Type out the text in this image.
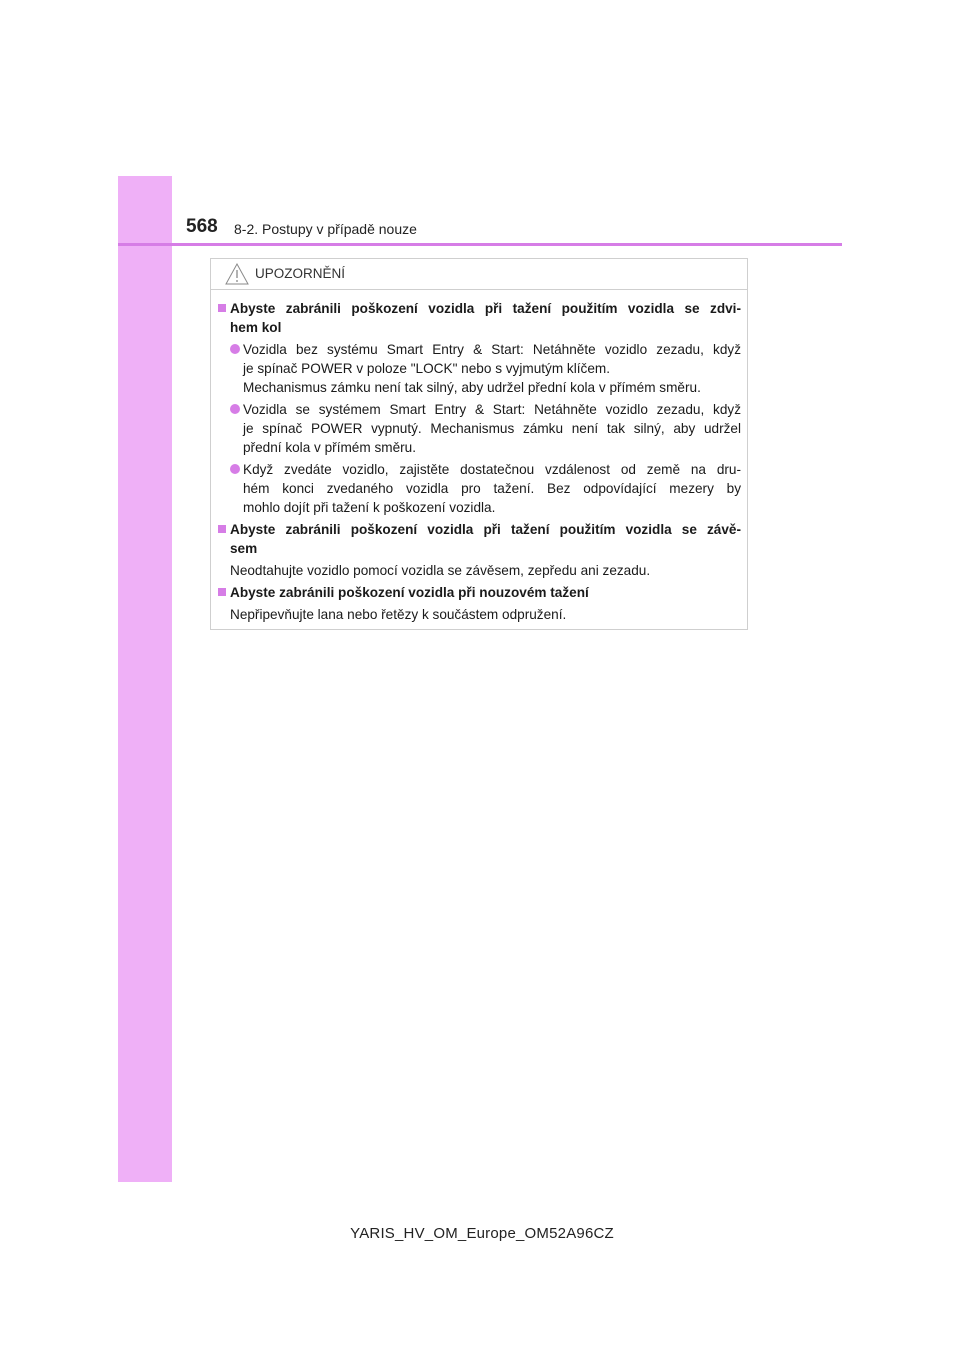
568 8-2. Postupy v případě nouze
UPOZORNĚNÍ
Abyste zabránili poškození vozidla při tažení použitím vozidla se zdvi-
hem kol
Vozidla bez systému Smart Entry & Start: Netáhněte vozidlo zezadu, když
je spínač POWER v poloze "LOCK" nebo s vyjmutým klíčem.
Mechanismus zámku není tak silný, aby udržel přední kola v přímém směru.
Vozidla se systémem Smart Entry & Start: Netáhněte vozidlo zezadu, když
je spínač POWER vypnutý. Mechanismus zámku není tak silný, aby udržel
přední kola v přímém směru.
Když zvedáte vozidlo, zajistěte dostatečnou vzdálenost od země na dru-
hém konci zvedaného vozidla pro tažení. Bez odpovídající mezery by
mohlo dojít při tažení k poškození vozidla.
Abyste zabránili poškození vozidla při tažení použitím vozidla se závě-
sem
Neodtahujte vozidlo pomocí vozidla se závěsem, zepředu ani zezadu.
Abyste zabránili poškození vozidla při nouzovém tažení
Nepřipevňujte lana nebo řetězy k součástem odpružení.
YARIS_HV_OM_Europe_OM52A96CZ
